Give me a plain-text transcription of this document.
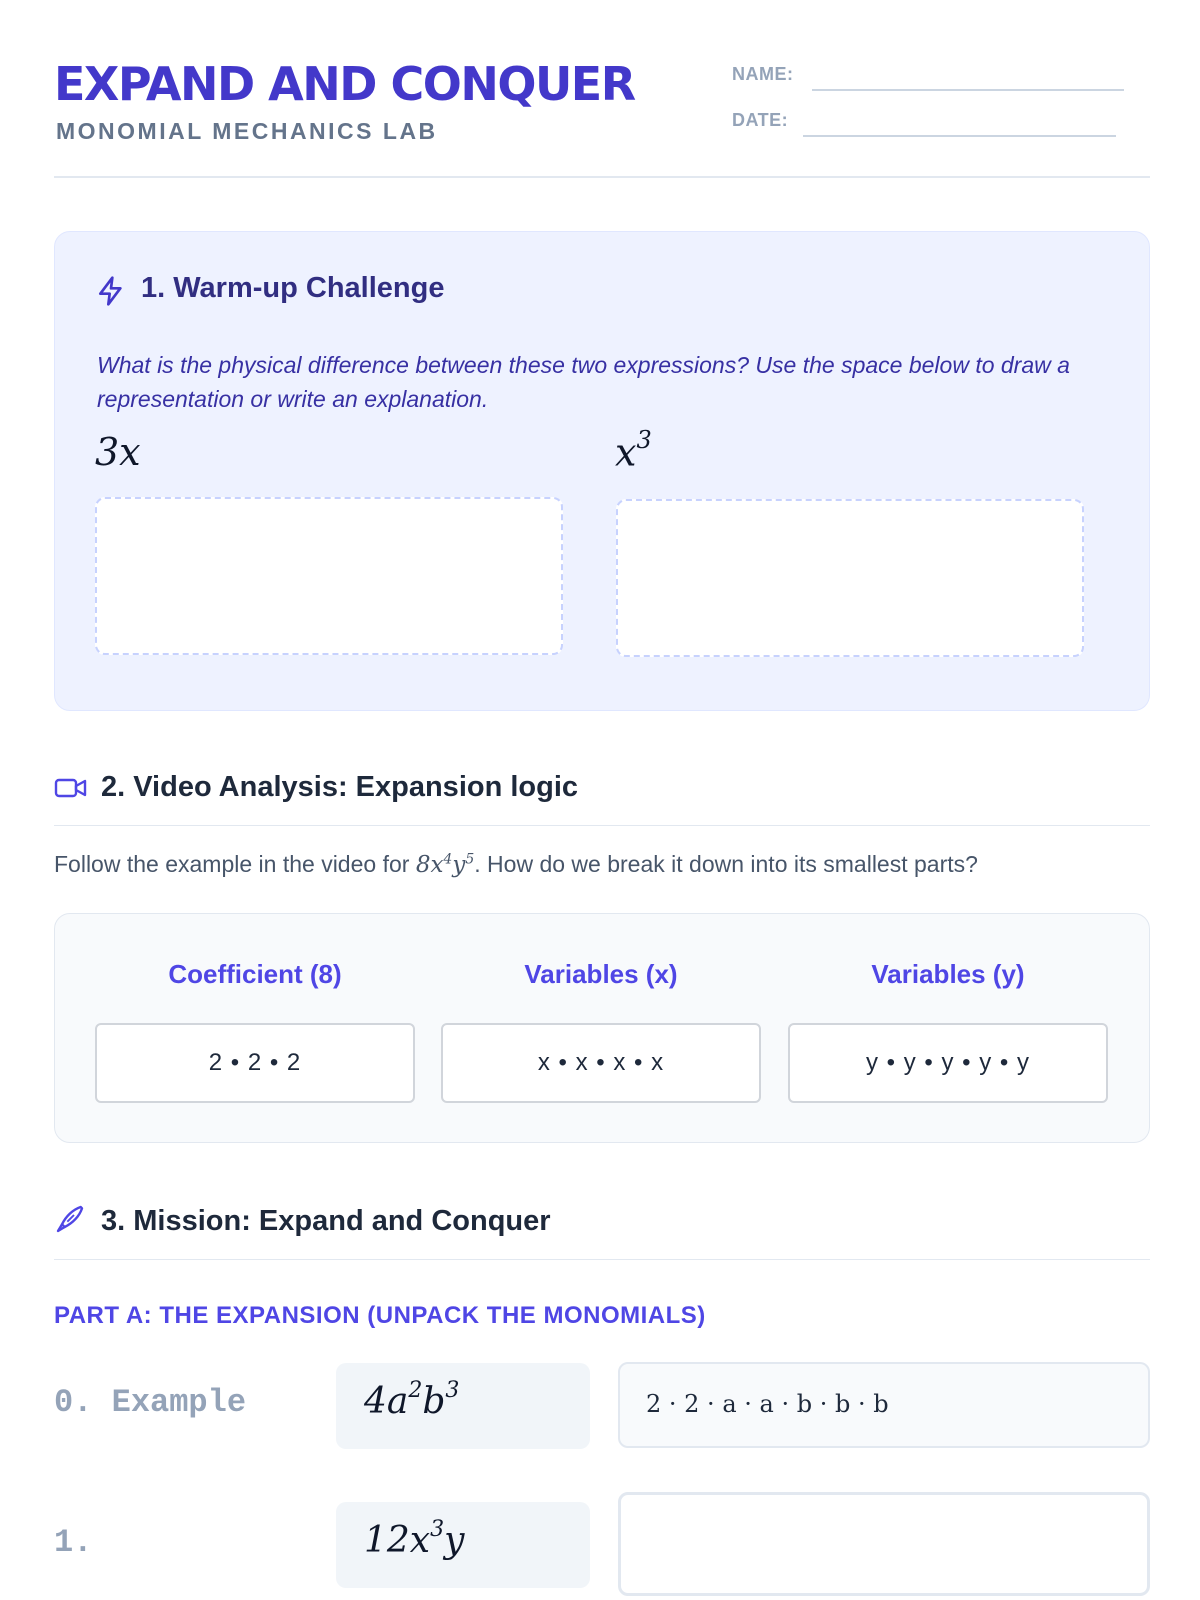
EXPAND AND CONQUER
MONOMIAL MECHANICS LAB
NAME:
DATE:
1. Warm-up Challenge
What is the physical difference between these two expressions? Use the space below to draw a representation or write an explanation.
3x	$x^3$
2. Video Analysis: Expansion logic
Follow the example in the video for $8x^4y^5$. How do we break it down into its smallest parts?
Coefficient (8)	Variables (x)	Variables (y)
2 • 2 • 2	x • x • x • x	y • y • y • y • y
3. Mission: Expand and Conquer
PART A: THE EXPANSION (UNPACK THE MONOMIALS)
0. Example	$4a^2b^3$	2 · 2 · a · a · b · b · b
1.	$12x^3y$
